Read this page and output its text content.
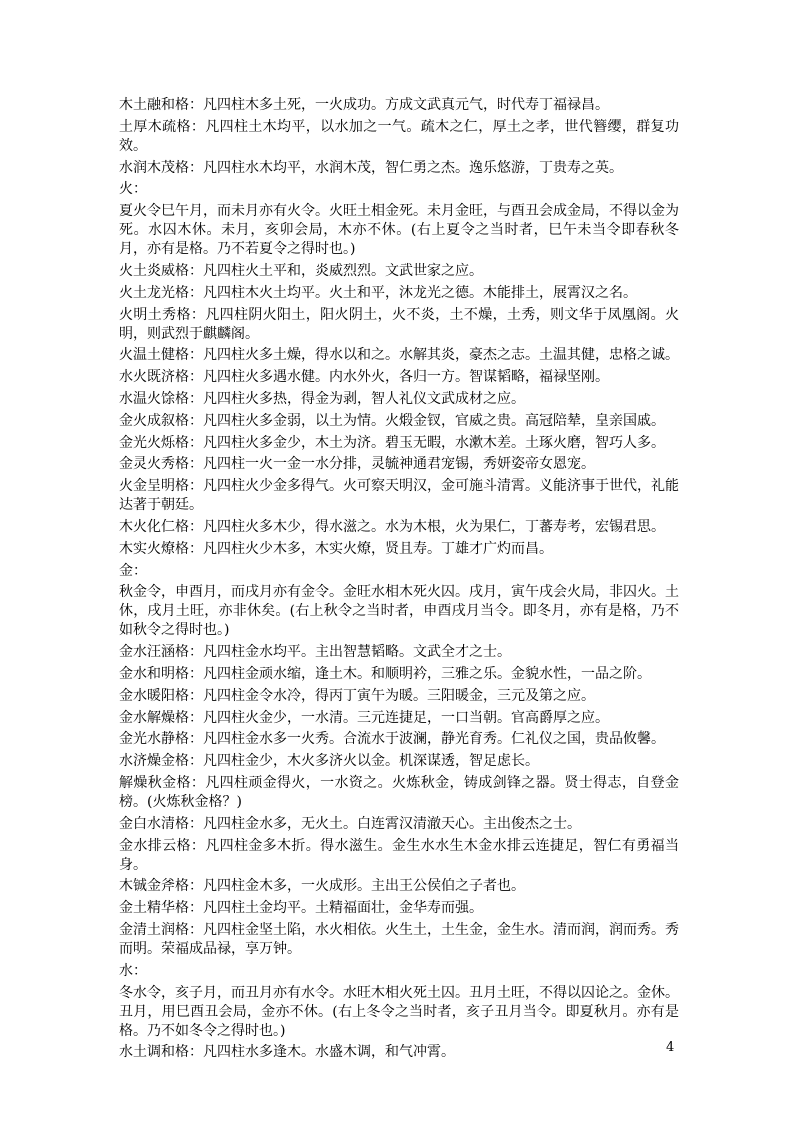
木土融和格：凡四柱木多土死，一火成功。方成文武真元气，时代寿丁福禄昌。
土厚木疏格：凡四柱土木均平，以水加之一气。疏木之仁，厚土之孝，世代簪缨，群复功效。
水润木茂格：凡四柱水木均平，水润木茂，智仁勇之杰。逸乐悠游，丁贵寿之英。
火：
夏火令巳午月，而未月亦有火令。火旺土相金死。未月金旺，与酉丑会成金局，不得以金为死。水囚木休。未月，亥卯会局，木亦不休。(右上夏令之当时者，巳午未当令即春秋冬月，亦有是格。乃不若夏令之得时也。)
火土炎威格：凡四柱火土平和，炎威烈烈。文武世家之应。
火土龙光格：凡四柱木火土均平。火土和平，沐龙光之德。木能排土，展霄汉之名。
火明土秀格：凡四柱阴火阳土，阳火阴土，火不炎，土不燥，土秀，则文华于凤凰阁。火明，则武烈于麒麟阁。
火温土健格：凡四柱火多土燥，得水以和之。水解其炎，豪杰之志。土温其健，忠格之诚。
水火既济格：凡四柱火多遇水健。内水外火，各归一方。智谋韬略，福禄坚刚。
水温火馀格：凡四柱火多热，得金为剥，智人礼仪文武成材之应。
金火成叙格：凡四柱火多金弱，以土为情。火煅金钗，官威之贵。高冠陪辇，皇亲国戚。
金光火烁格：凡四柱火多金少，木土为济。碧玉无暇，水漱木差。土琢火磨，智巧人多。
金灵火秀格：凡四柱一火一金一水分排，灵毓神通君宠锡，秀妍姿帝女恩宠。
火金呈明格：凡四柱火少金多得气。火可察天明汉，金可施斗清霄。义能济事于世代，礼能达著于朝廷。
木火化仁格：凡四柱火多木少，得水滋之。水为木根，火为果仁，丁蕃寿考，宏锡君思。
木实火燎格：凡四柱火少木多，木实火燎，贤且寿。丁雄才广灼而昌。
金：
秋金令，申酉月，而戌月亦有金令。金旺水相木死火囚。戌月，寅午戌会火局，非囚火。土休，戌月土旺，亦非休矣。(右上秋令之当时者，申酉戌月当令。即冬月，亦有是格，乃不如秋令之得时也。)
金水汪涵格：凡四柱金水均平。主出智慧韬略。文武全才之士。
金水和明格：凡四柱金顽水缩，逢土木。和顺明衿，三雅之乐。金貌水性，一品之阶。
金水暖阳格：凡四柱金令水冷，得丙丁寅午为暖。三阳暖金，三元及第之应。
金水解燥格：凡四柱火金少，一水清。三元连捷足，一口当朝。官高爵厚之应。
金光水静格：凡四柱金水多一火秀。合流水于波澜，静光育秀。仁礼仪之国，贵品攸馨。
水济燥金格：凡四柱金少，木火多济火以金。机深谋透，智足虑长。
解燥秋金格：凡四柱顽金得火，一水资之。火炼秋金，铸成剑锋之器。贤士得志，自登金榜。(火炼秋金格？)
金白水清格：凡四柱金水多，无火土。白连霄汉清澈天心。主出俊杰之士。
金水排云格：凡四柱金多木折。得水滋生。金生水水生木金水排云连捷足，智仁有勇福当身。
木铖金斧格：凡四柱金木多，一火成形。主出王公侯伯之子者也。
金土精华格：凡四柱土金均平。土精福面壮，金华寿而强。
金清土润格：凡四柱金坚土陷，水火相依。火生土，土生金，金生水。清而润，润而秀。秀而明。荣福成品禄，享万钟。
水：
冬水令，亥子月，而丑月亦有水令。水旺木相火死土囚。丑月土旺，不得以囚论之。金休。丑月，用巳酉丑会局，金亦不休。(右上冬令之当时者，亥子丑月当令。即夏秋月。亦有是格。乃不如冬令之得时也。)
水土调和格：凡四柱水多逢木。水盛木调，和气冲霄。	4
